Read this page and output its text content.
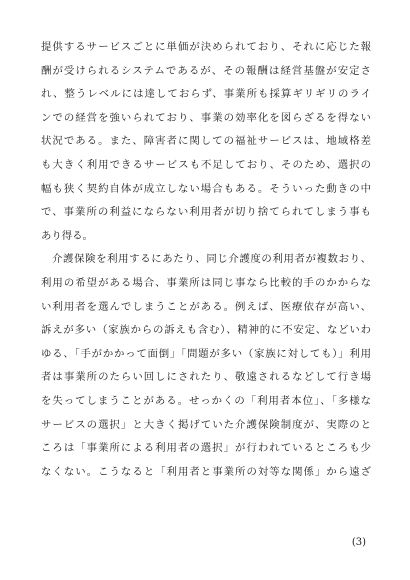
提供するサービスごとに単価が決められており、それに応じた報
酬が受けられるシステムであるが、その報酬は経営基盤が安定さ
れ、整うレベルには達しておらず、事業所も採算ギリギリのライ
ンでの経営を強いられており、事業の効率化を図らざるを得ない
状況である。また、障害者に関しての福祉サービスは、地域格差
も大きく利用できるサービスも不足しており、そのため、選択の
幅も狭く契約自体が成立しない場合もある。そういった動きの中
で、事業所の利益にならない利用者が切り捨てられてしまう事も
あり得る。
　介護保険を利用するにあたり、同じ介護度の利用者が複数おり、
利用の希望がある場合、事業所は同じ事なら比較的手のかからな
い利用者を選んでしまうことがある。例えば、医療依存が高い、
訴えが多い（家族からの訴えも含む）、精神的に不安定、などいわ
ゆる、「手がかかって面倒」「問題が多い（家族に対しても）」利用
者は事業所のたらい回しにされたり、敬遠されるなどして行き場
を失ってしまうことがある。せっかくの「利用者本位」、「多様な
サービスの選択」と大きく掲げていた介護保険制度が、実際のと
ころは「事業所による利用者の選択」が行われているところも少
なくない。こうなると「利用者と事業所の対等な関係」から遠ざ
(3)
